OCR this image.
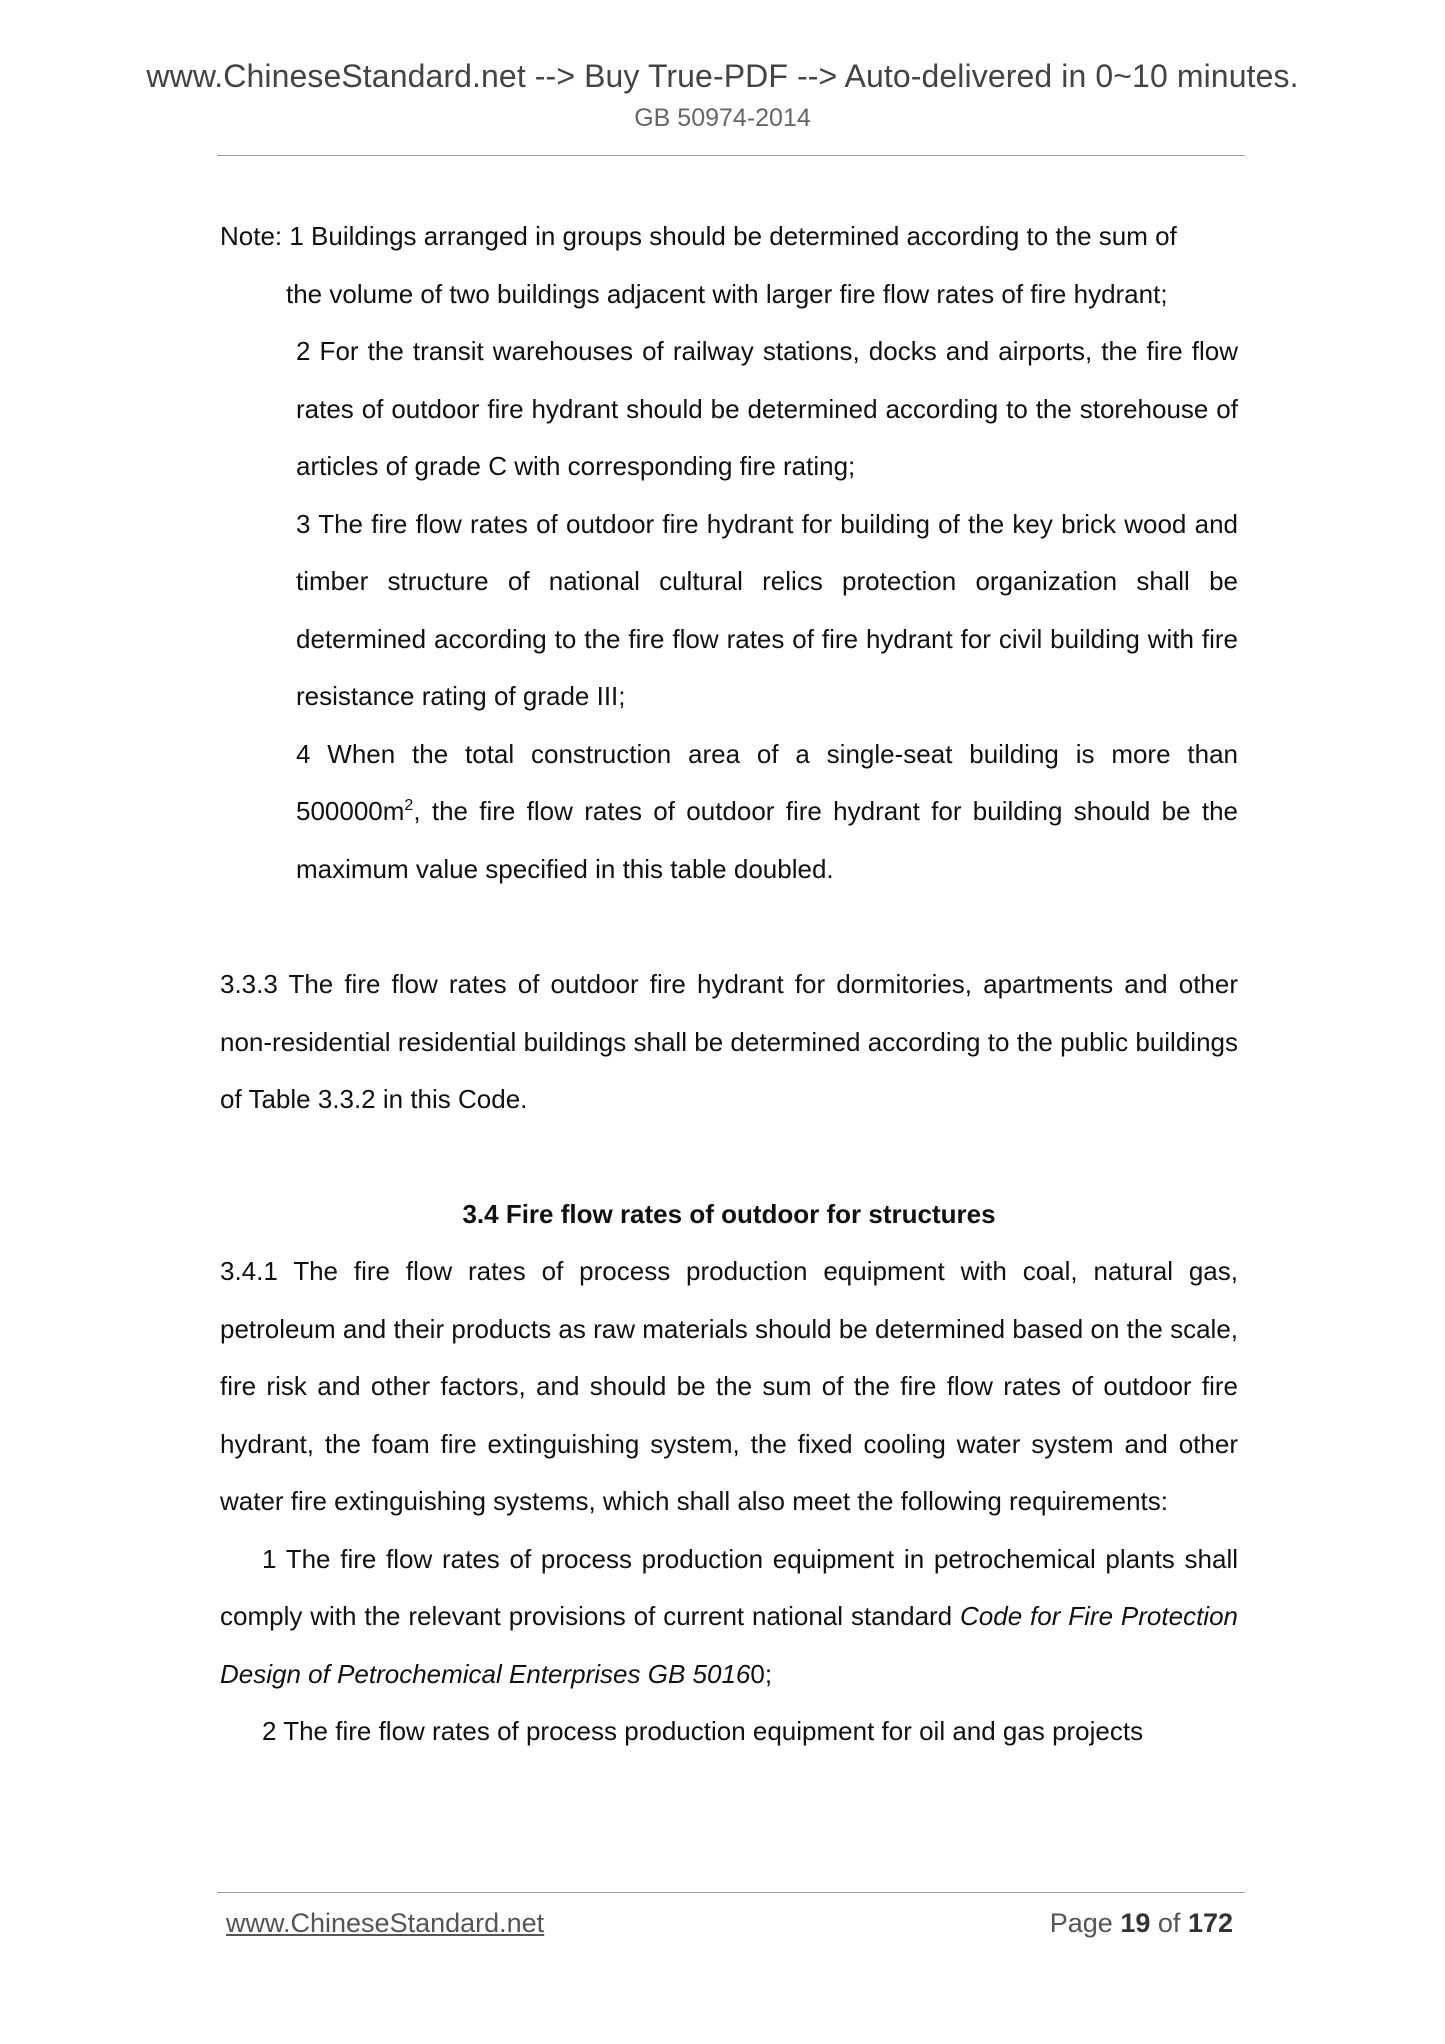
www.ChineseStandard.net --> Buy True-PDF --> Auto-delivered in 0~10 minutes.
GB 50974-2014

Note: 1 Buildings arranged in groups should be determined according to the sum of

the volume of two buildings adjacent with larger fire flow rates of fire hydrant;

2 For the transit warehouses of railway stations, docks and airports, the fire flow rates of outdoor fire hydrant should be determined according to the storehouse of articles of grade C with corresponding fire rating;

3 The fire flow rates of outdoor fire hydrant for building of the key brick wood and timber structure of national cultural relics protection organization shall be determined according to the fire flow rates of fire hydrant for civil building with fire resistance rating of grade III;

4 When the total construction area of a single-seat building is more than $500000m^2$, the fire flow rates of outdoor fire hydrant for building should be the maximum value specified in this table doubled.

3.3.3 The fire flow rates of outdoor fire hydrant for dormitories, apartments and other non-residential residential buildings shall be determined according to the public buildings of Table 3.3.2 in this Code.

3.4 Fire flow rates of outdoor for structures

3.4.1 The fire flow rates of process production equipment with coal, natural gas, petroleum and their products as raw materials should be determined based on the scale, fire risk and other factors, and should be the sum of the fire flow rates of outdoor fire hydrant, the foam fire extinguishing system, the fixed cooling water system and other water fire extinguishing systems, which shall also meet the following requirements:

1 The fire flow rates of process production equipment in petrochemical plants shall comply with the relevant provisions of current national standard Code for Fire Protection Design of Petrochemical Enterprises GB 50160;

2 The fire flow rates of process production equipment for oil and gas projects

www.ChineseStandard.net	Page 19 of 172
